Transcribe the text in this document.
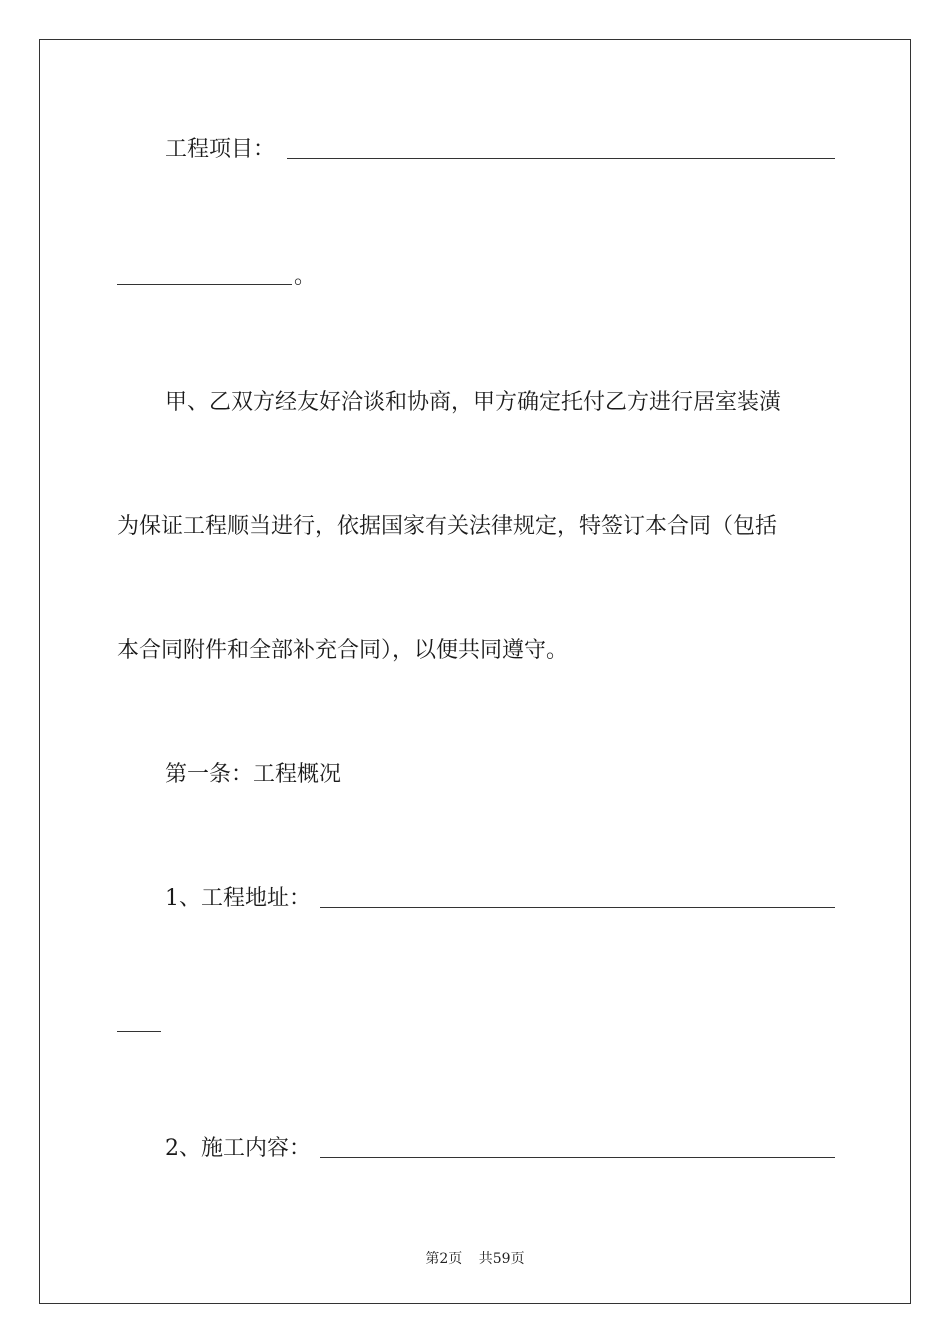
工程项目：
。
甲、乙双方经友好洽谈和协商，甲方确定托付乙方进行居室装潢
为保证工程顺当进行，依据国家有关法律规定，特签订本合同（包括
本合同附件和全部补充合同），以便共同遵守。
第一条：工程概况
1、工程地址：
2、施工内容：
第2页 共59页
